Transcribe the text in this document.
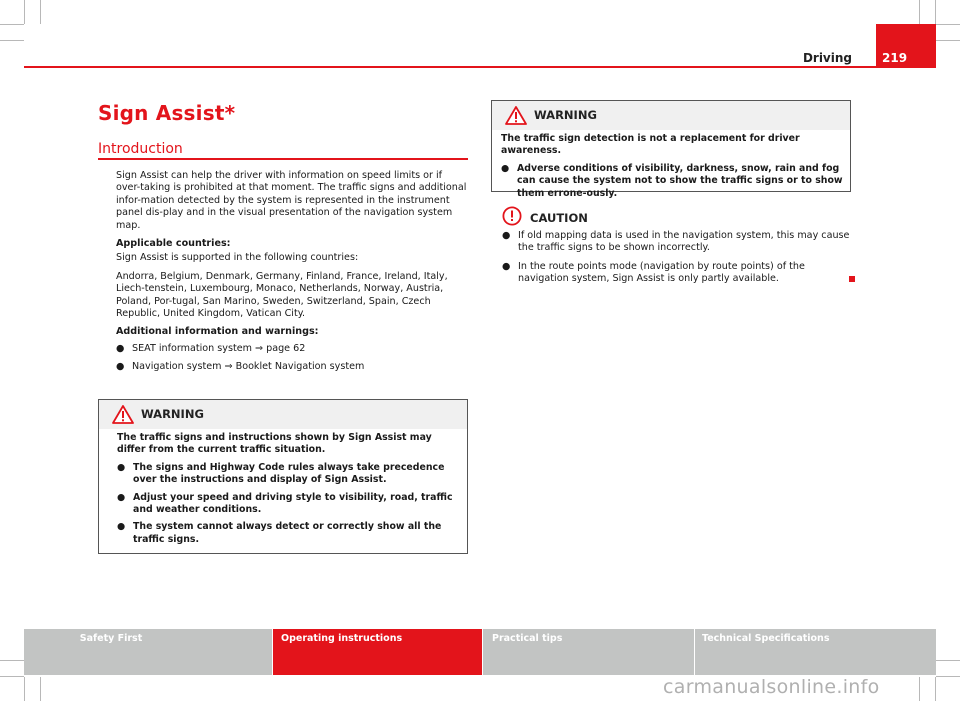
Driving	219
Sign Assist*
Introduction

Sign Assist can help the driver with information on speed limits or if over-taking is prohibited at that moment. The traffic signs and additional infor-mation detected by the system is represented in the instrument panel dis-play and in the visual presentation of the navigation system map.

Applicable countries:

Sign Assist is supported in the following countries:

Andorra, Belgium, Denmark, Germany, Finland, France, Ireland, Italy, Liech-tenstein, Luxembourg, Monaco, Netherlands, Norway, Austria, Poland, Por-tugal, San Marino, Sweden, Switzerland, Spain, Czech Republic, United Kingdom, Vatican City.

Additional information and warnings:

● SEAT information system ⇒ page 62
● Navigation system ⇒ Booklet Navigation system
WARNING

The traffic signs and instructions shown by Sign Assist may differ from the current traffic situation.

● The signs and Highway Code rules always take precedence over the instructions and display of Sign Assist.
● Adjust your speed and driving style to visibility, road, traffic and weather conditions.
● The system cannot always detect or correctly show all the traffic signs.
WARNING

The traffic sign detection is not a replacement for driver awareness.

● Adverse conditions of visibility, darkness, snow, rain and fog can cause the system not to show the traffic signs or to show them errone-ously.
CAUTION
● If old mapping data is used in the navigation system, this may cause the traffic signs to be shown incorrectly.
● In the route points mode (navigation by route points) of the navigation system, Sign Assist is only partly available.
Safety First	Operating instructions	Practical tips	Technical Specifications
carmanualsonline.info
